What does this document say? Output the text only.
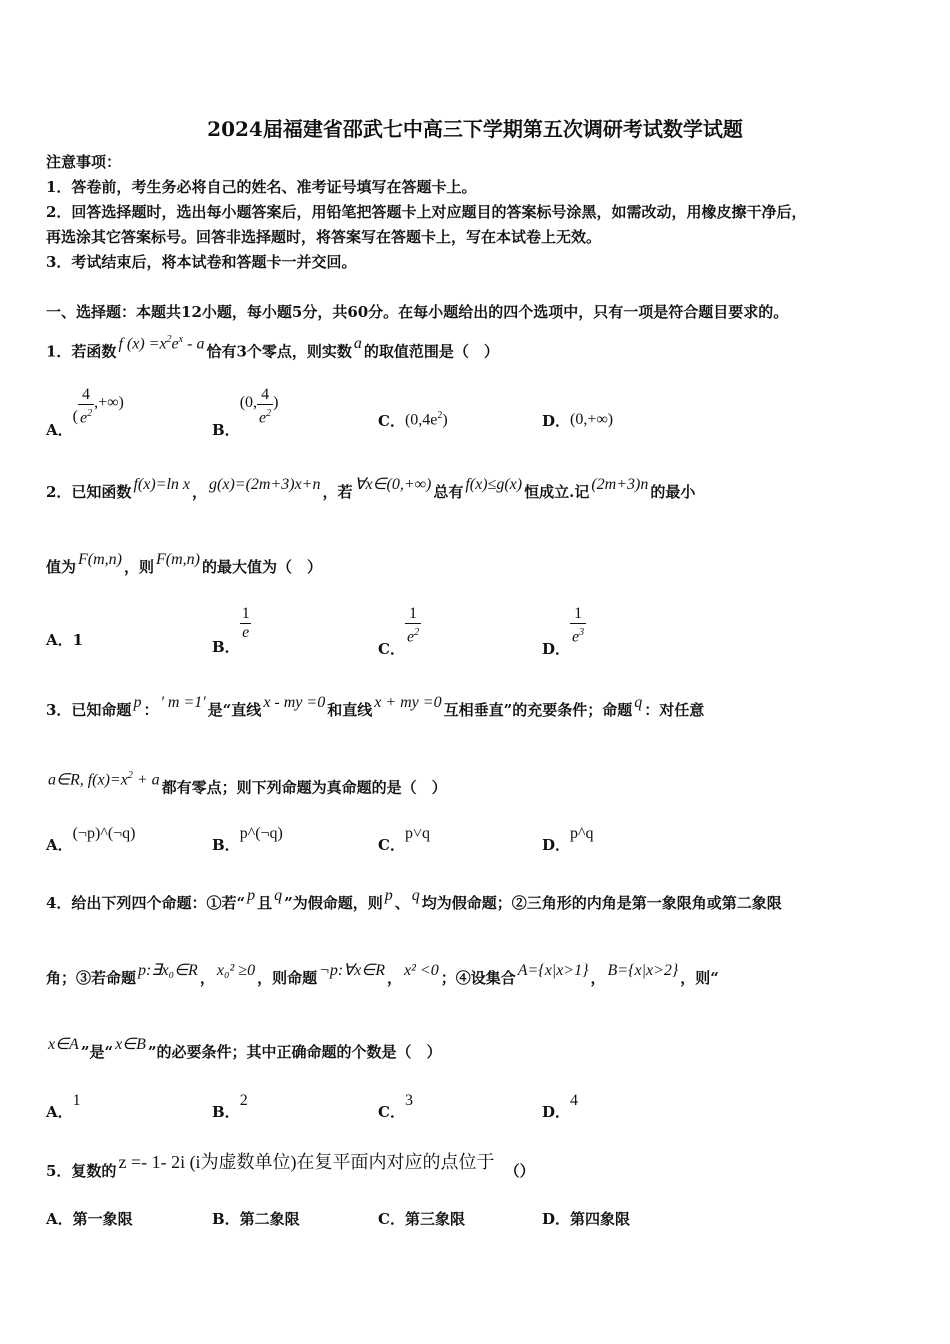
2024届福建省邵武七中高三下学期第五次调研考试数学试题
注意事项：
1．答卷前，考生务必将自己的姓名、准考证号填写在答题卡上。
2．回答选择题时，选出每小题答案后，用铅笔把答题卡上对应题目的答案标号涂黑，如需改动，用橡皮擦干净后，
再选涂其它答案标号。回答非选择题时，将答案写在答题卡上，写在本试卷上无效。
3．考试结束后，将本试卷和答题卡一并交回。
一、选择题：本题共12小题，每小题5分，共60分。在每小题给出的四个选项中，只有一项是符合题目要求的。
1．若函数 f $(x) =x^2e^x - a$ 恰有3个零点，则实数 a 的取值范围是（　）
A．( $\frac{4}{e^2}$ ,+∞)
B．(0, $\frac{4}{e^2}$ )
C．$(0,4e^2)$	D．(0,+∞)
2．已知函数 f(x)=ln x ， g(x)=(2m+3)x+n ，若 ∀x∈(0,+∞) 总有 f(x)≤g(x) 恒成立.记 (2m+3)n 的最小
值为 F(m,n) ，则 F(m,n) 的最大值为（　）
A．1	B．
$\frac{1}{e}$
C．
$\frac{1}{e^2}$
D．
$\frac{1}{e^3}$
3．已知命题 p ： ' m =1' 是“直线 x - my =0 和直线 x + my =0 互相垂直”的充要条件；命题 q ：对任意
a∈R, $f(x)=x^2 + a$ 都有零点；则下列命题为真命题的是（　）
A．(¬p)^(¬q)
B．p^(¬q)
C．p˅q
D．p^q
4．给出下列四个命题：①若“ p 且 q ”为假命题，则 p 、 q 均为假命题；②三角形的内角是第一象限角或第二象限
角；③若命题 p:∃x₀∈R ， x₀² ≥0 ，则命题 ¬p:∀x∈R ， x² <0 ；④设集合 A={x|x>1} ， B={x|x>2} ，则“
x∈A ”是“ x∈B ”的必要条件；其中正确命题的个数是（　）
A．1
B．2
C．3
D．4
5．复数的 z =- 1- 2i (i为虚数单位)在复平面内对应的点位于 （）
A．第一象限	B．第二象限	C．第三象限	D．第四象限
